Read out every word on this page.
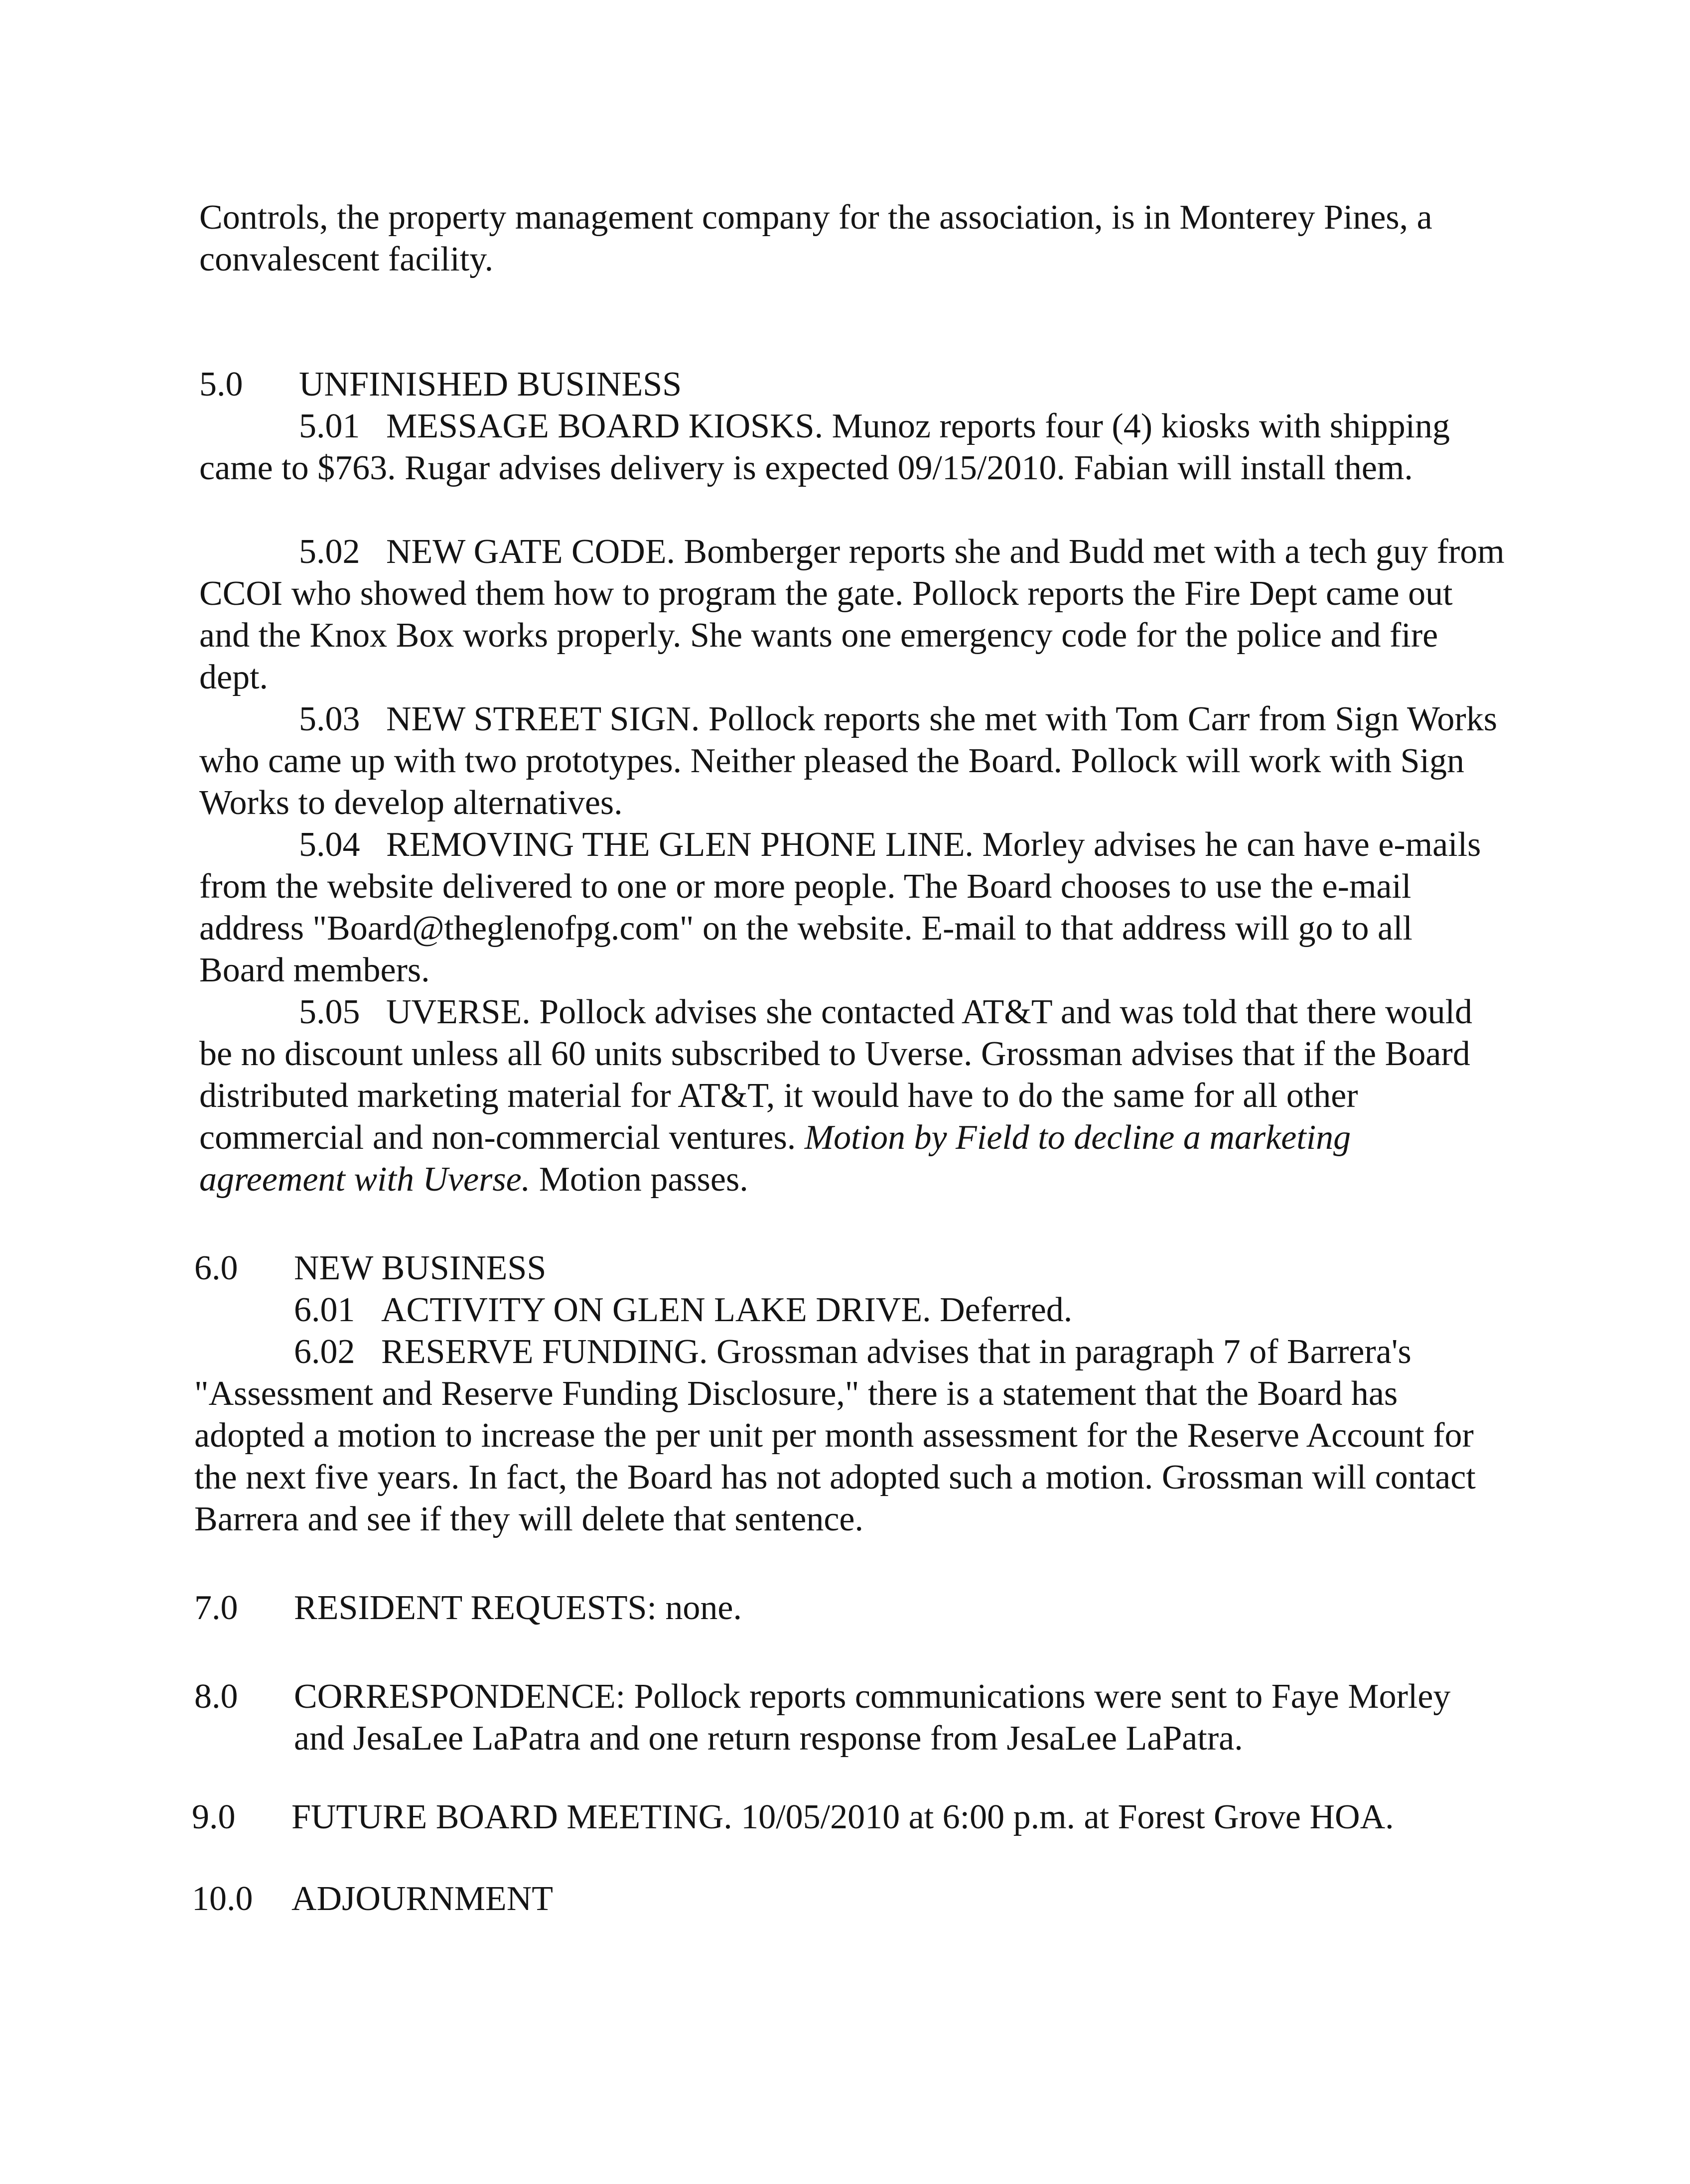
Controls, the property management company for the association, is in Monterey Pines, a convalescent facility.

5.0 UNFINISHED BUSINESS

5.01 MESSAGE BOARD KIOSKS. Munoz reports four (4) kiosks with shipping came to $763. Rugar advises delivery is expected 09/15/2010. Fabian will install them.

5.02 NEW GATE CODE. Bomberger reports she and Budd met with a tech guy from CCOI who showed them how to program the gate. Pollock reports the Fire Dept came out and the Knox Box works properly. She wants one emergency code for the police and fire dept.

5.03 NEW STREET SIGN. Pollock reports she met with Tom Carr from Sign Works who came up with two prototypes. Neither pleased the Board. Pollock will work with Sign Works to develop alternatives.

5.04 REMOVING THE GLEN PHONE LINE. Morley advises he can have e-mails from the website delivered to one or more people. The Board chooses to use the e-mail address "Board@theglenofpg.com" on the website. E-mail to that address will go to all Board members.

5.05 UVERSE. Pollock advises she contacted AT&T and was told that there would be no discount unless all 60 units subscribed to Uverse. Grossman advises that if the Board distributed marketing material for AT&T, it would have to do the same for all other commercial and non-commercial ventures. Motion by Field to decline a marketing agreement with Uverse. Motion passes.

6.0 NEW BUSINESS

6.01 ACTIVITY ON GLEN LAKE DRIVE. Deferred.

6.02 RESERVE FUNDING. Grossman advises that in paragraph 7 of Barrera's "Assessment and Reserve Funding Disclosure," there is a statement that the Board has adopted a motion to increase the per unit per month assessment for the Reserve Account for the next five years. In fact, the Board has not adopted such a motion. Grossman will contact Barrera and see if they will delete that sentence.

7.0 RESIDENT REQUESTS: none.
8.0 CORRESPONDENCE: Pollock reports communications were sent to Faye Morley and JesaLee LaPatra and one return response from JesaLee LaPatra.
9.0 FUTURE BOARD MEETING. 10/05/2010 at 6:00 p.m. at Forest Grove HOA.
10.0 ADJOURNMENT
